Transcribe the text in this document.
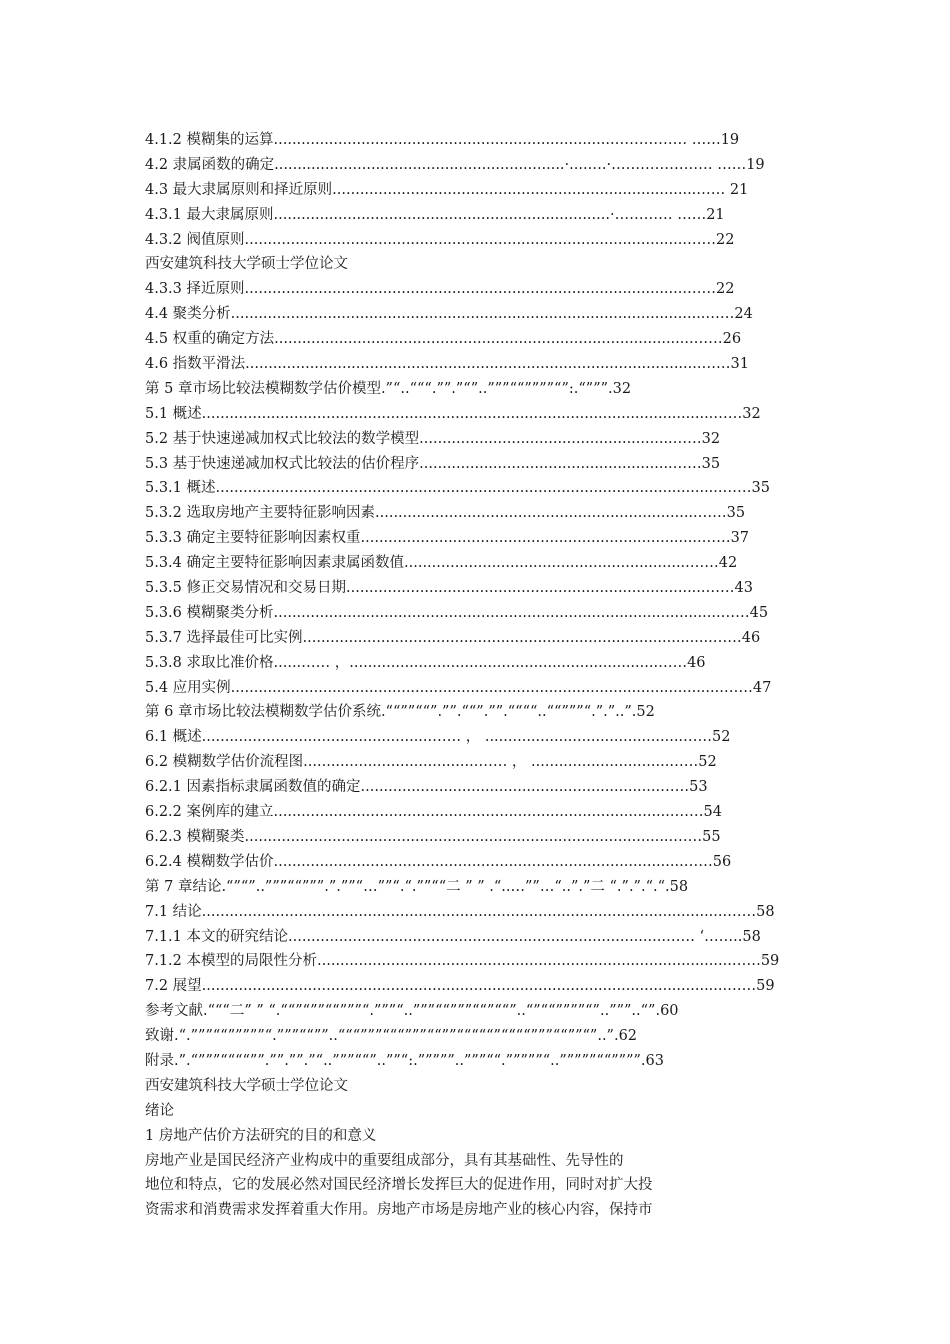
4.1.2 模糊集的运算..........................................................................…………… ……19
4.2 隶属函数的确定...............................................................·.....‥.·………………… ……19
4.3 最大隶属原则和择近原则...............................................................................…… 21
4.3.1 最大隶属原则.........................................................................·………… ……21
4.3.2 阀值原则................................................................................................……22
西安建筑科技大学硕士学位论文
4.3.3 择近原则................................................................................................……22
4.4 聚类分析.......................................................................................................……24
4.5 权重的确定方法...........................................................................................……26
4.6 指数平滑法...................................................................................................……31
第 5 章市场比较法模糊数学估价模型.”“..“““.””.”“”..”””““””””“”:.“”””.32
5.1 概述...............................................................................................................……32
5.2 基于快速递减加权式比较法的数学模型.......................................................……32
5.3 基于快速递减加权式比较法的估价程序.......................................................……35
5.3.1 概述..............................................................................................................……35
5.3.2 选取房地产主要特征影响因素......................................................................……35
5.3.3 确定主要特征影响因素权重..........................................................................……37
5.3.4 确定主要特征影响因素隶属函数值..............................................................……42
5.3.5 修正交易情况和交易日期..............................................................................……43
5.3.6 模糊聚类分析.................................................................................................……45
5.3.7 选择最佳可比实例.........................................................................................……46
5.3.8 求取比准价格......…… ，...................................................................……46
5.4 应用实例...........................................................................................................……47
第 6 章市场比较法模糊数学估价系统.““””““”.””.““”.””.““““..““”””“.”.”..”.52
6.1 概述..................................................…… ， ...........................................……52
6.2 模糊数学估价流程图......................................…… ， ..............................……52
6.2.1 因素指标隶属函数值的确定.................................................................……53
6.2.2 案例库的建立.......................................................................................……54
6.2.3 模糊聚类.............................................................................................……55
6.2.4 模糊数学估价.........................................................................................……56
第 7 章结论.“”“”..”””““”””.”.””“…””“.“.””““二 ” ” .“..…””…“..”.”二 “.”.”.“.“.58
7.1 结论..................................................................................................................……58
7.1.1 本文的研究结论..................................................................................…… ‘……..58
7.1.2 本模型的局限性分析..........................................................................................……59
7.2 展望..................................................................................................................……59
参考文献.“““二” ” “.““”“””““”””“.”””“..”””““”””““”““”..“”““””””“”..”””..“”.60
致谢.“.”””““”””””“.”””““””..“““”””“““”””““””“““““”““““”””““””“”..”.62
附录.”.“”””““““””.””.””.”“..”””““”..””“:.”””””..”””““.”””””“..”””””““””””.63
西安建筑科技大学硕士学位论文
绪论
1 房地产估价方法研究的目的和意义
房地产业是国民经济产业构成中的重要组成部分，具有其基础性、先导性的
地位和特点，它的发展必然对国民经济增长发挥巨大的促进作用，同时对扩大投
资需求和消费需求发挥着重大作用。房地产市场是房地产业的核心内容，保持市
